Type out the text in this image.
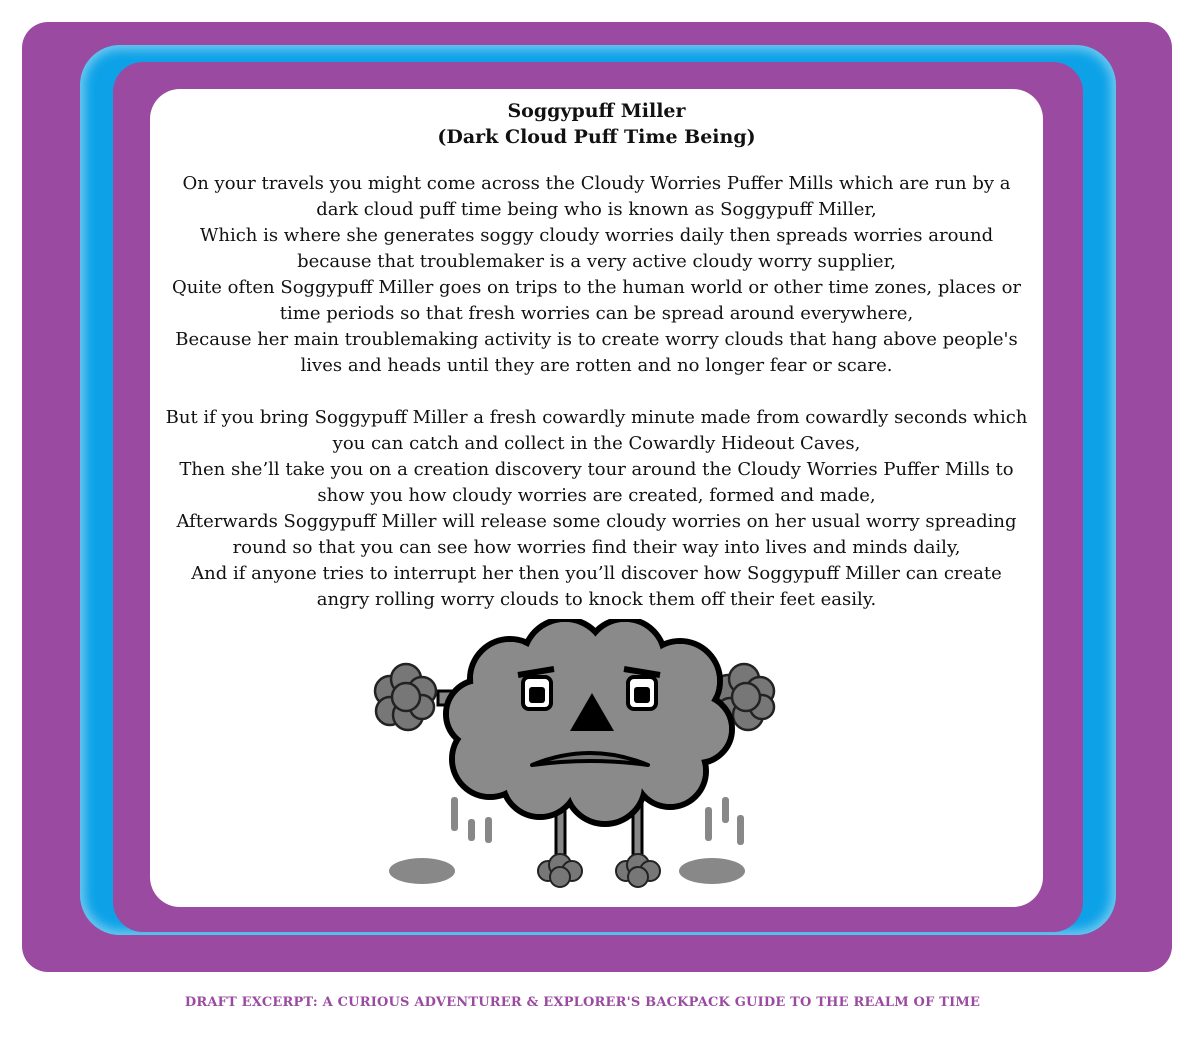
Soggypuff Miller

(Dark Cloud Puff Time Being)

On your travels you might come across the Cloudy Worries Puffer Mills which are run by a
dark cloud puff time being who is known as Soggypuff Miller,
Which is where she generates soggy cloudy worries daily then spreads worries around
because that troublemaker is a very active cloudy worry supplier,
Quite often Soggypuff Miller goes on trips to the human world or other time zones, places or
time periods so that fresh worries can be spread around everywhere,
Because her main troublemaking activity is to create worry clouds that hang above people's
lives and heads until they are rotten and no longer fear or scare.

But if you bring Soggypuff Miller a fresh cowardly minute made from cowardly seconds which
you can catch and collect in the Cowardly Hideout Caves,
Then she’ll take you on a creation discovery tour around the Cloudy Worries Puffer Mills to
show you how cloudy worries are created, formed and made,
Afterwards Soggypuff Miller will release some cloudy worries on her usual worry spreading
round so that you can see how worries find their way into lives and minds daily,
And if anyone tries to interrupt her then you’ll discover how Soggypuff Miller can create
angry rolling worry clouds to knock them off their feet easily.

DRAFT EXCERPT: A CURIOUS ADVENTURER & EXPLORER'S BACKPACK GUIDE TO THE REALM OF TIME
